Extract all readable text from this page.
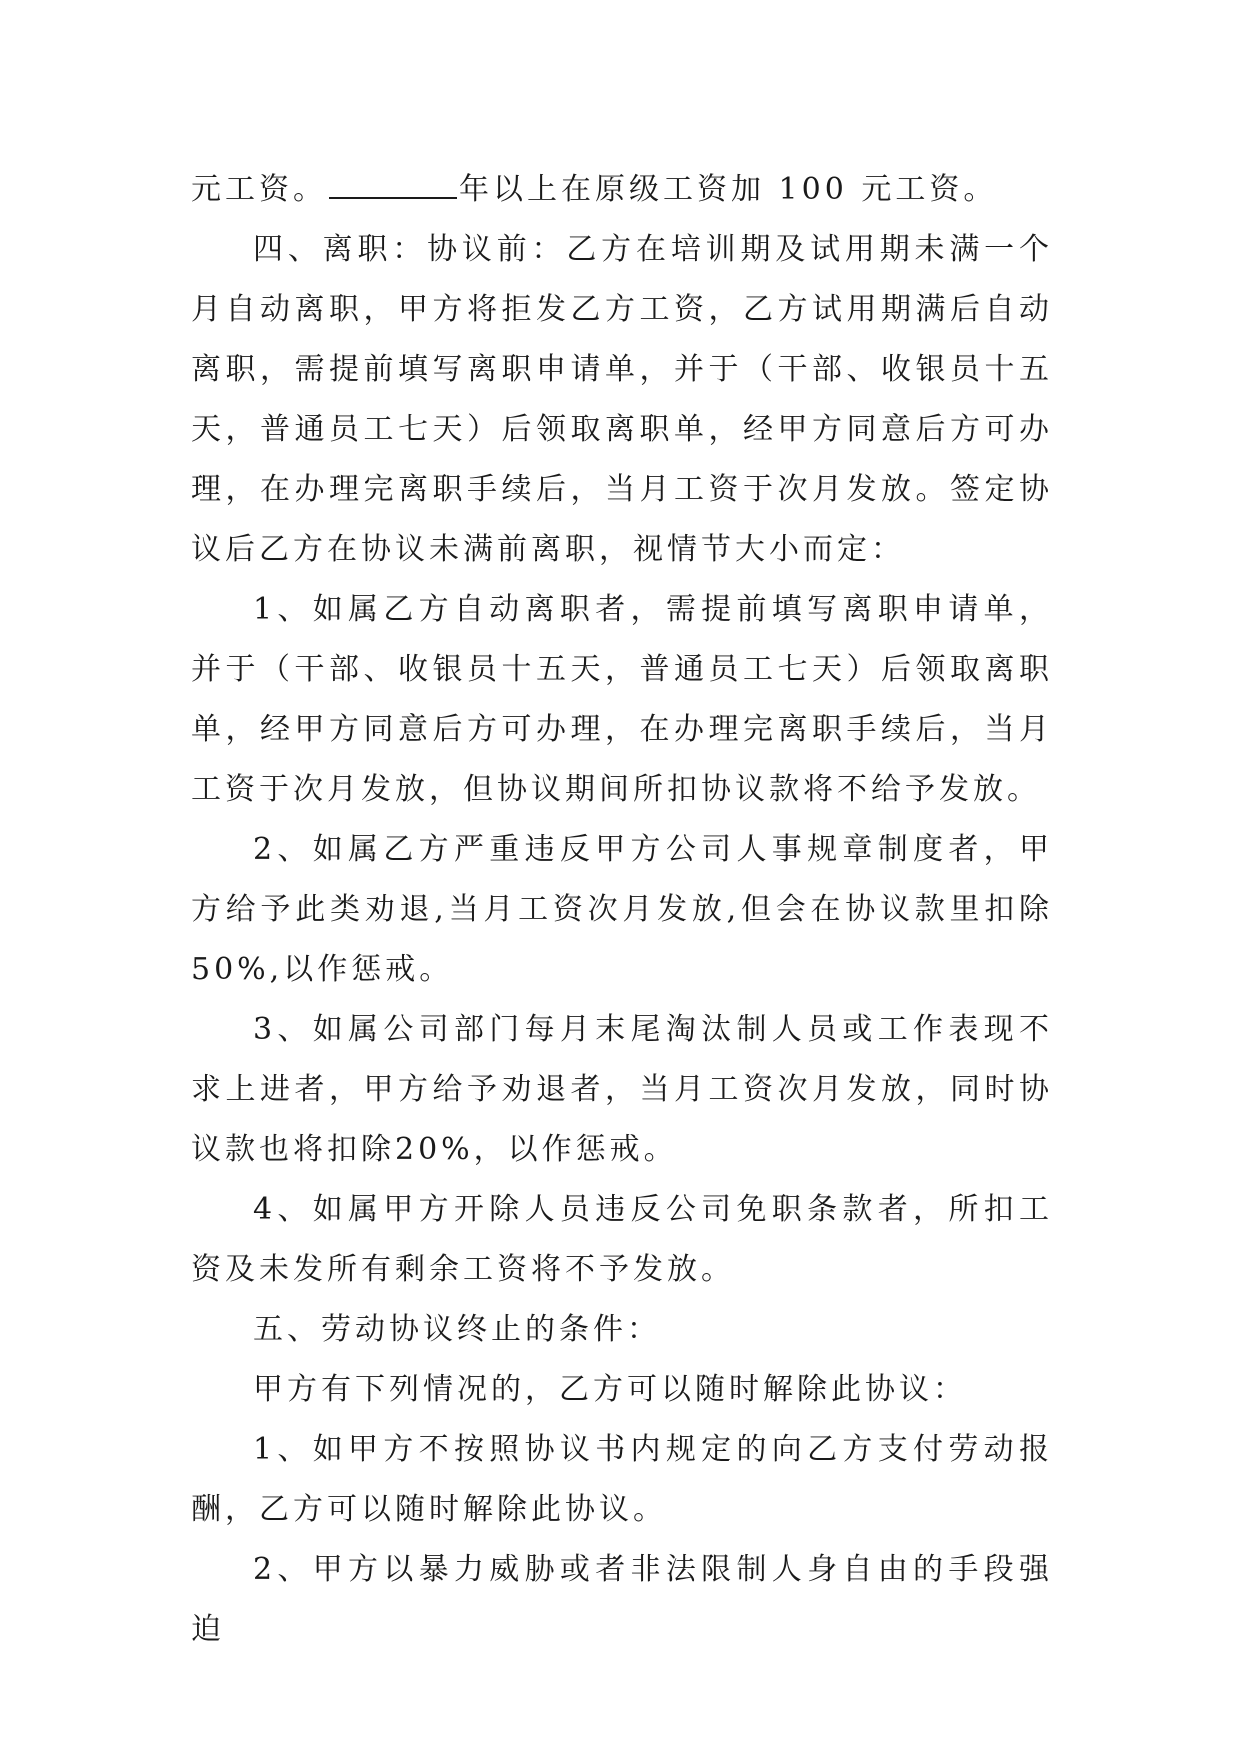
元工资。	年以上在原级工资加 100 元工资。

四、离职：协议前：乙方在培训期及试用期未满一个月自动离职，甲方将拒发乙方工资，乙方试用期满后自动离职，需提前填写离职申请单，并于（干部、收银员十五天，普通员工七天）后领取离职单，经甲方同意后方可办理，在办理完离职手续后，当月工资于次月发放。签定协议后乙方在协议未满前离职，视情节大小而定：

1、如属乙方自动离职者，需提前填写离职申请单，并于（干部、收银员十五天，普通员工七天）后领取离职单，经甲方同意后方可办理，在办理完离职手续后，当月工资于次月发放，但协议期间所扣协议款将不给予发放。

2、如属乙方严重违反甲方公司人事规章制度者，甲方给予此类劝退,当月工资次月发放,但会在协议款里扣除50%,以作惩戒。

3、如属公司部门每月末尾淘汰制人员或工作表现不求上进者，甲方给予劝退者，当月工资次月发放，同时协议款也将扣除20%，以作惩戒。

4、如属甲方开除人员违反公司免职条款者，所扣工资及未发所有剩余工资将不予发放。

五、劳动协议终止的条件：

甲方有下列情况的，乙方可以随时解除此协议：

1、如甲方不按照协议书内规定的向乙方支付劳动报酬，乙方可以随时解除此协议。

2、甲方以暴力威胁或者非法限制人身自由的手段强迫
